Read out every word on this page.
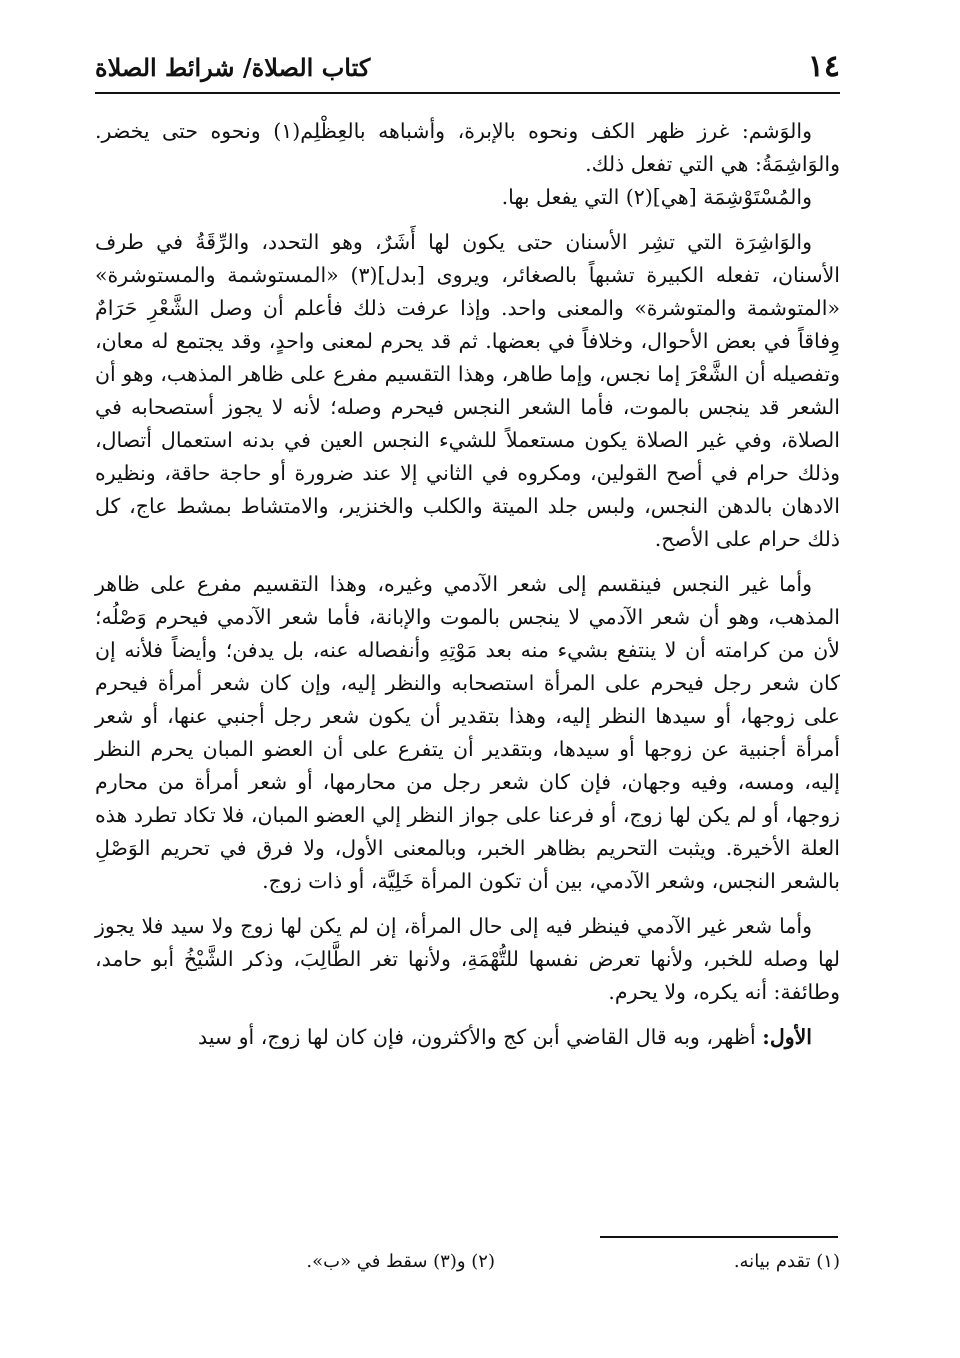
١٤
كتاب الصلاة/ شرائط الصلاة

والوَشم: غرز ظهر الكف ونحوه بالإبرة، وأشباهه بالعِظْلِم(١) ونحوه حتى يخضر. والوَاشِمَةُ: هي التي تفعل ذلك.

والمُسْتَوْشِمَة [هي](٢) التي يفعل بها.

والوَاشِرَة التي تشِر الأسنان حتى يكون لها أَشَرٌ، وهو التحدد، والرِّقَةُ في طرف الأسنان، تفعله الكبيرة تشبهاً بالصغائر، ويروى [بدل](٣) «المستوشمة والمستوشرة» «المتوشمة والمتوشرة» والمعنى واحد. وإذا عرفت ذلك فأعلم أن وصل الشَّعْرِ حَرَامٌ وِفاقاً في بعض الأحوال، وخلافاً في بعضها. ثم قد يحرم لمعنى واحدٍ، وقد يجتمع له معان، وتفصيله أن الشَّعْرَ إما نجس، وإما طاهر، وهذا التقسيم مفرع على ظاهر المذهب، وهو أن الشعر قد ينجس بالموت، فأما الشعر النجس فيحرم وصله؛ لأنه لا يجوز أستصحابه في الصلاة، وفي غير الصلاة يكون مستعملاً للشيء النجس العين في بدنه استعمال أتصال، وذلك حرام في أصح القولين، ومكروه في الثاني إلا عند ضرورة أو حاجة حاقة، ونظيره الادهان بالدهن النجس، ولبس جلد الميتة والكلب والخنزير، والامتشاط بمشط عاج، كل ذلك حرام على الأصح.

وأما غير النجس فينقسم إلى شعر الآدمي وغيره، وهذا التقسيم مفرع على ظاهر المذهب، وهو أن شعر الآدمي لا ينجس بالموت والإبانة، فأما شعر الآدمي فيحرم وَصْلُه؛ لأن من كرامته أن لا ينتفع بشيء منه بعد مَوْتِهِ وأنفصاله عنه، بل يدفن؛ وأيضاً فلأنه إن كان شعر رجل فيحرم على المرأة استصحابه والنظر إليه، وإن كان شعر أمرأة فيحرم على زوجها، أو سيدها النظر إليه، وهذا بتقدير أن يكون شعر رجل أجنبي عنها، أو شعر أمرأة أجنبية عن زوجها أو سيدها، وبتقدير أن يتفرع على أن العضو المبان يحرم النظر إليه، ومسه، وفيه وجهان، فإن كان شعر رجل من محارمها، أو شعر أمرأة من محارم زوجها، أو لم يكن لها زوج، أو فرعنا على جواز النظر إلي العضو المبان، فلا تكاد تطرد هذه العلة الأخيرة. ويثبت التحريم بظاهر الخبر، وبالمعنى الأول، ولا فرق في تحريم الوَصْلِ بالشعر النجس، وشعر الآدمي، بين أن تكون المرأة خَلِيَّة، أو ذات زوج.

وأما شعر غير الآدمي فينظر فيه إلى حال المرأة، إن لم يكن لها زوج ولا سيد فلا يجوز لها وصله للخبر، ولأنها تعرض نفسها للتُّهْمَةِ، ولأنها تغر الطَّالِبَ، وذكر الشَّيْخُ أبو حامد، وطائفة: أنه يكره، ولا يحرم.

الأول: أظهر، وبه قال القاضي أبن كج والأكثرون، فإن كان لها زوج، أو سيد

(١) تقدم بيانه.
(٢) و(٣) سقط في «ب».
